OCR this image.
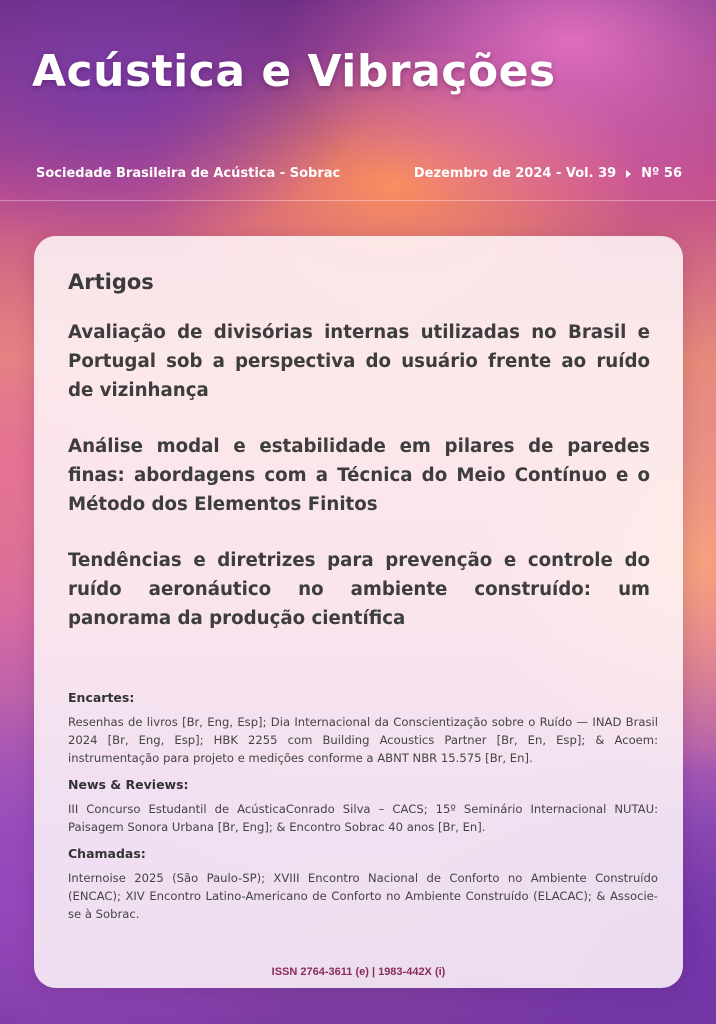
Acústica e Vibrações
Sociedade Brasileira de Acústica - Sobrac	Dezembro de 2024 - Vol. 39 Nº 56
Artigos

Avaliação de divisórias internas utilizadas no Brasil e Portugal sob a perspectiva do usuário frente ao ruído de vizinhança

Análise modal e estabilidade em pilares de paredes finas: abordagens com a Técnica do Meio Contínuo e o Método dos Elementos Finitos

Tendências e diretrizes para prevenção e controle do ruído aeronáutico no ambiente construído: um panorama da produção científica

Encartes:

Resenhas de livros [Br, Eng, Esp]; Dia Internacional da Conscientização sobre o Ruído — INAD Brasil 2024 [Br, Eng, Esp]; HBK 2255 com Building Acoustics Partner [Br, En, Esp]; & Acoem: instrumentação para projeto e medições conforme a ABNT NBR 15.575 [Br, En].

News & Reviews:

III Concurso Estudantil de AcústicaConrado Silva – CACS; 15º Seminário Internacional NUTAU: Paisagem Sonora Urbana [Br, Eng]; & Encontro Sobrac 40 anos [Br, En].

Chamadas:

Internoise 2025 (São Paulo-SP); XVIII Encontro Nacional de Conforto no Ambiente Construído (ENCAC); XIV Encontro Latino-Americano de Conforto no Ambiente Construído (ELACAC); & Associe-se à Sobrac.

ISSN 2764-3611 (e) | 1983-442X (i)
